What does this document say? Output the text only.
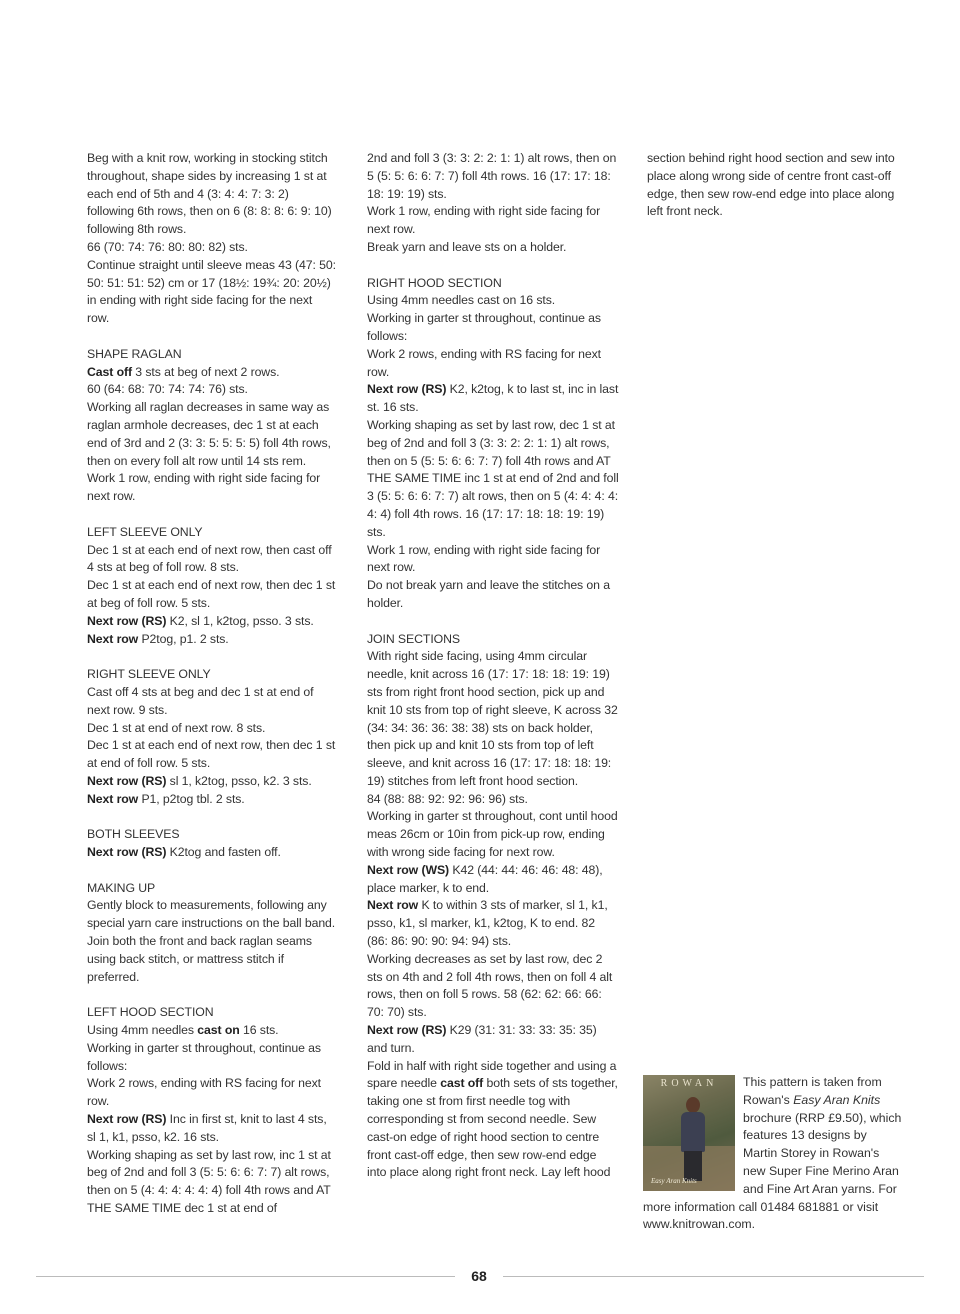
Beg with a knit row, working in stocking stitch throughout, shape sides by increasing 1 st at each end of 5th and 4 (3: 4: 4: 7: 3: 2) following 6th rows, then on 6 (8: 8: 8: 6: 9: 10) following 8th rows.

66 (70: 74: 76: 80: 80: 82) sts.

Continue straight until sleeve meas 43 (47: 50: 50: 51: 51: 52) cm or 17 (18½: 19¾: 20: 20½) in ending with right side facing for the next row.

SHAPE RAGLAN

Cast off 3 sts at beg of next 2 rows.

60 (64: 68: 70: 74: 74: 76) sts.

Working all raglan decreases in same way as raglan armhole decreases, dec 1 st at each end of 3rd and 2 (3: 3: 5: 5: 5: 5) foll 4th rows, then on every foll alt row until 14 sts rem.

Work 1 row, ending with right side facing for next row.

LEFT SLEEVE ONLY

Dec 1 st at each end of next row, then cast off 4 sts at beg of foll row. 8 sts.

Dec 1 st at each end of next row, then dec 1 st at beg of foll row. 5 sts.

Next row (RS) K2, sl 1, k2tog, psso. 3 sts.

Next row P2tog, p1. 2 sts.

RIGHT SLEEVE ONLY

Cast off 4 sts at beg and dec 1 st at end of next row. 9 sts.

Dec 1 st at end of next row. 8 sts.

Dec 1 st at each end of next row, then dec 1 st at end of foll row. 5 sts.

Next row (RS) sl 1, k2tog, psso, k2. 3 sts.

Next row P1, p2tog tbl. 2 sts.

BOTH SLEEVES

Next row (RS) K2tog and fasten off.

MAKING UP

Gently block to measurements, following any special yarn care instructions on the ball band. Join both the front and back raglan seams using back stitch, or mattress stitch if preferred.

LEFT HOOD SECTION

Using 4mm needles cast on 16 sts.

Working in garter st throughout, continue as follows:

Work 2 rows, ending with RS facing for next row.

Next row (RS) Inc in first st, knit to last 4 sts, sl 1, k1, psso, k2. 16 sts.

Working shaping as set by last row, inc 1 st at beg of 2nd and foll 3 (5: 5: 6: 6: 7: 7) alt rows, then on 5 (4: 4: 4: 4: 4: 4) foll 4th rows and AT THE SAME TIME dec 1 st at end of

2nd and foll 3 (3: 3: 2: 2: 1: 1) alt rows, then on 5 (5: 5: 6: 6: 7: 7) foll 4th rows. 16 (17: 17: 18: 18: 19: 19) sts.

Work 1 row, ending with right side facing for next row.

Break yarn and leave sts on a holder.

RIGHT HOOD SECTION

Using 4mm needles cast on 16 sts.

Working in garter st throughout, continue as follows:

Work 2 rows, ending with RS facing for next row.

Next row (RS) K2, k2tog, k to last st, inc in last st. 16 sts.

Working shaping as set by last row, dec 1 st at beg of 2nd and foll 3 (3: 3: 2: 2: 1: 1) alt rows, then on 5 (5: 5: 6: 6: 7: 7) foll 4th rows and AT THE SAME TIME inc 1 st at end of 2nd and foll 3 (5: 5: 6: 6: 7: 7) alt rows, then on 5 (4: 4: 4: 4: 4: 4) foll 4th rows. 16 (17: 17: 18: 18: 19: 19) sts.

Work 1 row, ending with right side facing for next row.

Do not break yarn and leave the stitches on a holder.

JOIN SECTIONS

With right side facing, using 4mm circular needle, knit across 16 (17: 17: 18: 18: 19: 19) sts from right front hood section, pick up and knit 10 sts from top of right sleeve, K across 32 (34: 34: 36: 36: 38: 38) sts on back holder, then pick up and knit 10 sts from top of left sleeve, and knit across 16 (17: 17: 18: 18: 19: 19) stitches from left front hood section.

84 (88: 88: 92: 92: 96: 96) sts.

Working in garter st throughout, cont until hood meas 26cm or 10in from pick-up row, ending with wrong side facing for next row.

Next row (WS) K42 (44: 44: 46: 46: 48: 48), place marker, k to end.

Next row K to within 3 sts of marker, sl 1, k1, psso, k1, sl marker, k1, k2tog, K to end. 82 (86: 86: 90: 90: 94: 94) sts.

Working decreases as set by last row, dec 2 sts on 4th and 2 foll 4th rows, then on foll 4 alt rows, then on foll 5 rows. 58 (62: 62: 66: 66: 70: 70) sts.

Next row (RS) K29 (31: 31: 33: 33: 35: 35) and turn.

Fold in half with right side together and using a spare needle cast off both sets of sts together, taking one st from first needle tog with corresponding st from second needle. Sew cast-on edge of right hood section to centre front cast-off edge, then sew row-end edge into place along right front neck. Lay left hood

section behind right hood section and sew into place along wrong side of centre front cast-off edge, then sew row-end edge into place along left front neck.

ROWAN
Easy Aran Knits
This pattern is taken from Rowan's Easy Aran Knits brochure (RRP £9.50), which features 13 designs by Martin Storey in Rowan's new Super Fine Merino Aran and Fine Art Aran yarns. For more information call 01484 681881 or visit www.knitrowan.com.
68
